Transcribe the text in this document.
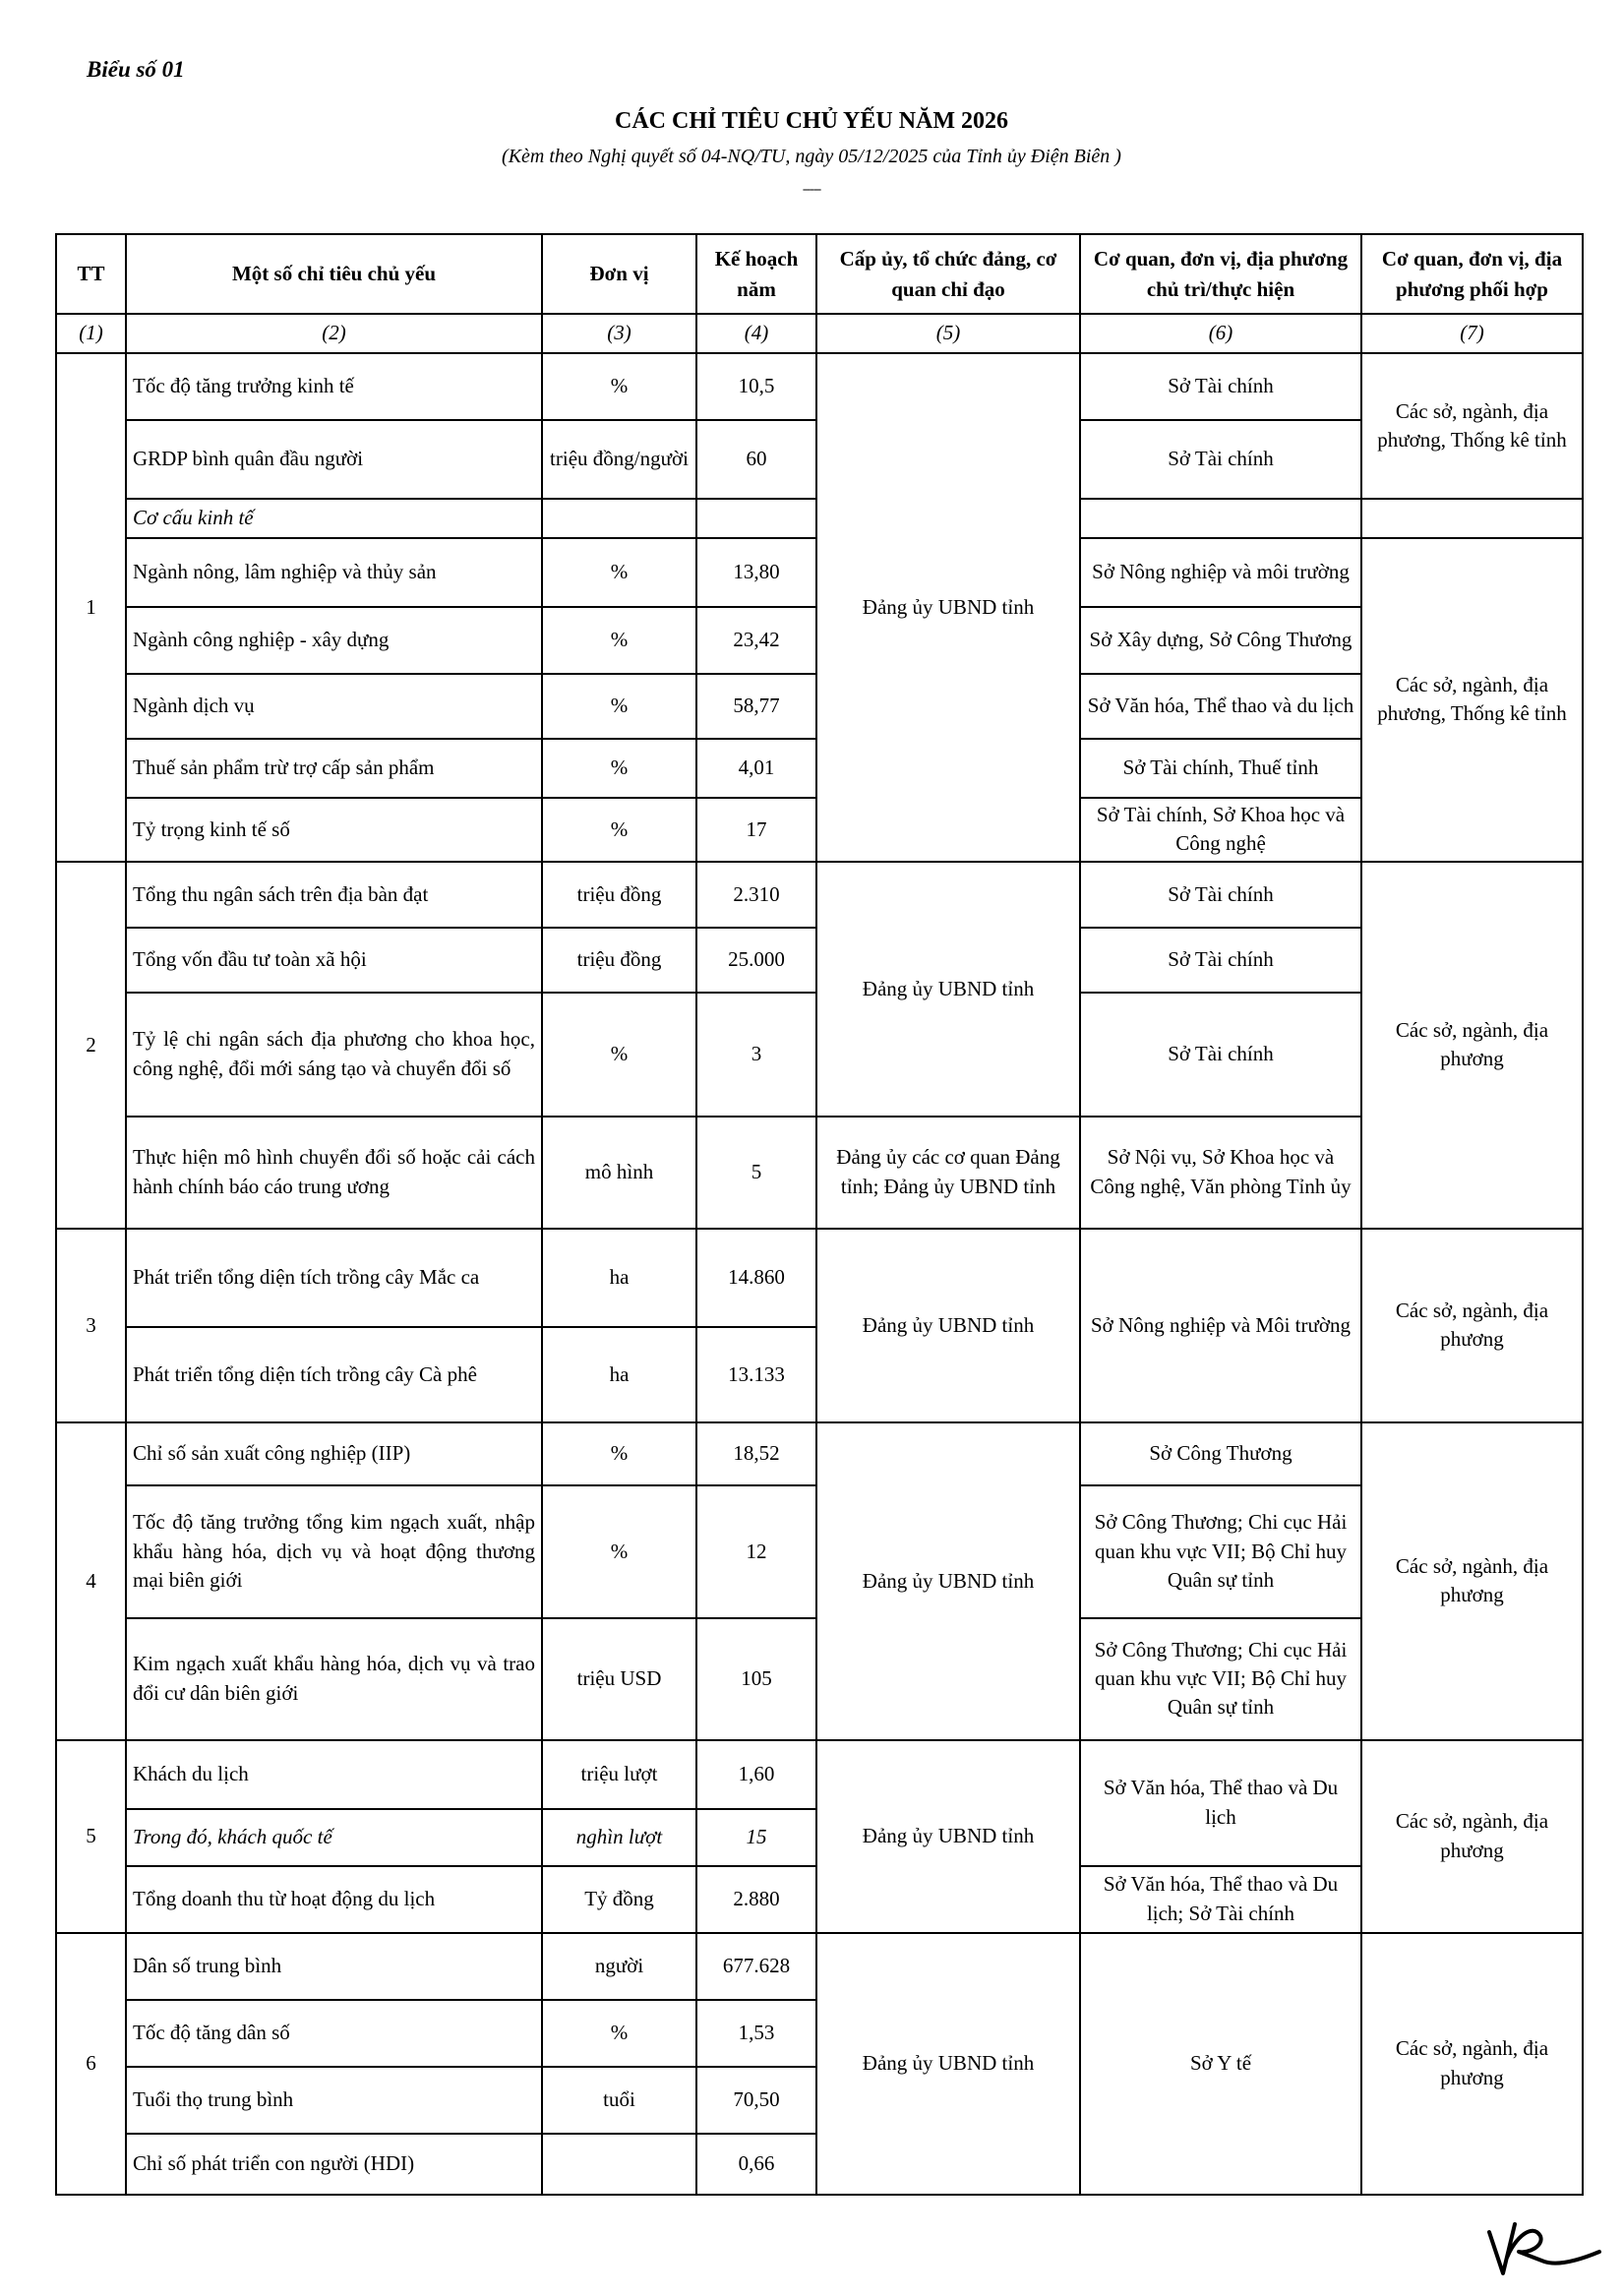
Biểu số 01
CÁC CHỈ TIÊU CHỦ YẾU NĂM 2026
(Kèm theo Nghị quyết số 04-NQ/TU, ngày 05/12/2025 của Tỉnh ủy Điện Biên )
-----
TT	Một số chỉ tiêu chủ yếu	Đơn vị	Kế hoạch năm	Cấp ủy, tổ chức đảng, cơ quan chỉ đạo	Cơ quan, đơn vị, địa phương chủ trì/thực hiện	Cơ quan, đơn vị, địa phương phối hợp
(1)	(2)	(3)	(4)	(5)	(6)	(7)
1	Tốc độ tăng trưởng kinh tế	%	10,5	Đảng ủy UBND tỉnh	Sở Tài chính	Các sở, ngành, địa phương, Thống kê tỉnh
	GRDP bình quân đầu người	triệu đồng/người	60		Sở Tài chính	
	Cơ cấu kinh tế					
	Ngành nông, lâm nghiệp và thủy sản	%	13,80		Sở Nông nghiệp và môi trường	Các sở, ngành, địa phương, Thống kê tỉnh
	Ngành công nghiệp - xây dựng	%	23,42		Sở Xây dựng, Sở Công Thương	
	Ngành dịch vụ	%	58,77		Sở Văn hóa, Thể thao và du lịch	
	Thuế sản phẩm trừ trợ cấp sản phẩm	%	4,01		Sở Tài chính, Thuế tỉnh	
	Tỷ trọng kinh tế số	%	17		Sở Tài chính, Sở Khoa học và Công nghệ	
2	Tổng thu ngân sách trên địa bàn đạt	triệu đồng	2.310	Đảng ủy UBND tỉnh	Sở Tài chính	Các sở, ngành, địa phương
	Tổng vốn đầu tư toàn xã hội	triệu đồng	25.000		Sở Tài chính	
	Tỷ lệ chi ngân sách địa phương cho khoa học, công nghệ, đổi mới sáng tạo và chuyển đổi số	%	3		Sở Tài chính	
	Thực hiện mô hình chuyển đổi số hoặc cải cách hành chính báo cáo trung ương	mô hình	5	Đảng ủy các cơ quan Đảng tỉnh; Đảng ủy UBND tỉnh	Sở Nội vụ, Sở Khoa học và Công nghệ, Văn phòng Tỉnh ủy	
3	Phát triển tổng diện tích trồng cây Mắc ca	ha	14.860	Đảng ủy UBND tỉnh	Sở Nông nghiệp và Môi trường	Các sở, ngành, địa phương
	Phát triển tổng diện tích trồng cây Cà phê	ha	13.133			
4	Chỉ số sản xuất công nghiệp (IIP)	%	18,52	Đảng ủy UBND tỉnh	Sở Công Thương	Các sở, ngành, địa phương
	Tốc độ tăng trưởng tổng kim ngạch xuất, nhập khẩu hàng hóa, dịch vụ và hoạt động thương mại biên giới	%	12		Sở Công Thương; Chi cục Hải quan khu vực VII; Bộ Chỉ huy Quân sự tỉnh	
	Kim ngạch xuất khẩu hàng hóa, dịch vụ và trao đổi cư dân biên giới	triệu USD	105		Sở Công Thương; Chi cục Hải quan khu vực VII; Bộ Chỉ huy Quân sự tỉnh	
5	Khách du lịch	triệu lượt	1,60	Đảng ủy UBND tỉnh	Sở Văn hóa, Thể thao và Du lịch	Các sở, ngành, địa phương
	Trong đó, khách quốc tế	nghìn lượt	15			
	Tổng doanh thu từ hoạt động du lịch	Tỷ đồng	2.880		Sở Văn hóa, Thể thao và Du lịch; Sở Tài chính	
6	Dân số trung bình	người	677.628	Đảng ủy UBND tỉnh	Sở Y tế	Các sở, ngành, địa phương
	Tốc độ tăng dân số	%	1,53			
	Tuổi thọ trung bình	tuổi	70,50			
	Chỉ số phát triển con người (HDI)		0,66			
